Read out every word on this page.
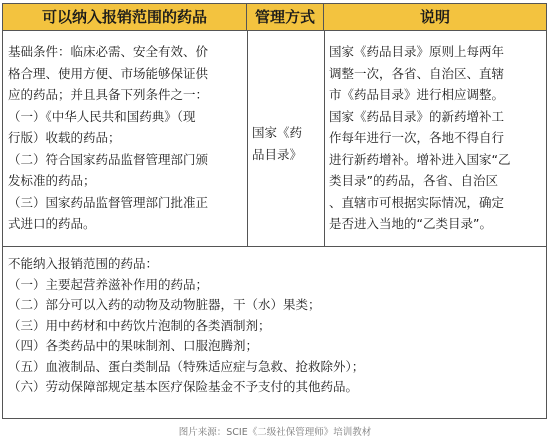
可以纳入报销范围的药品	管理方式	说明

基础条件：临床必需、安全有效、价

格合理、使用方便、市场能够保证供

应的药品；并且具备下列条件之一：

（一）《中华人民共和国药典》（现

行版）收载的药品；

（二）符合国家药品监督管理部门颁

发标准的药品；

（三）国家药品监督管理部门批准正

式进口的药品。

国家《药

品目录》

国家《药品目录》原则上每两年

调整一次，各省、自治区、直辖

市《药品目录》进行相应调整。

国家《药品目录》的新药增补工

作每年进行一次，各地不得自行

进行新药增补。增补进入国家“乙

类目录”的药品，各省、自治区

、直辖市可根据实际情况，确定

是否进入当地的“乙类目录”。

不能纳入报销范围的药品：

（一）主要起营养滋补作用的药品；

（二）部分可以入药的动物及动物脏器，干（水）果类；

（三）用中药材和中药饮片泡制的各类酒制剂；

（四）各类药品中的果味制剂、口服泡腾剂；

（五）血液制品、蛋白类制品（特殊适应症与急救、抢救除外）；

（六）劳动保障部规定基本医疗保险基金不予支付的其他药品。

图片来源：SCIE《二级社保管理师》培训教材
